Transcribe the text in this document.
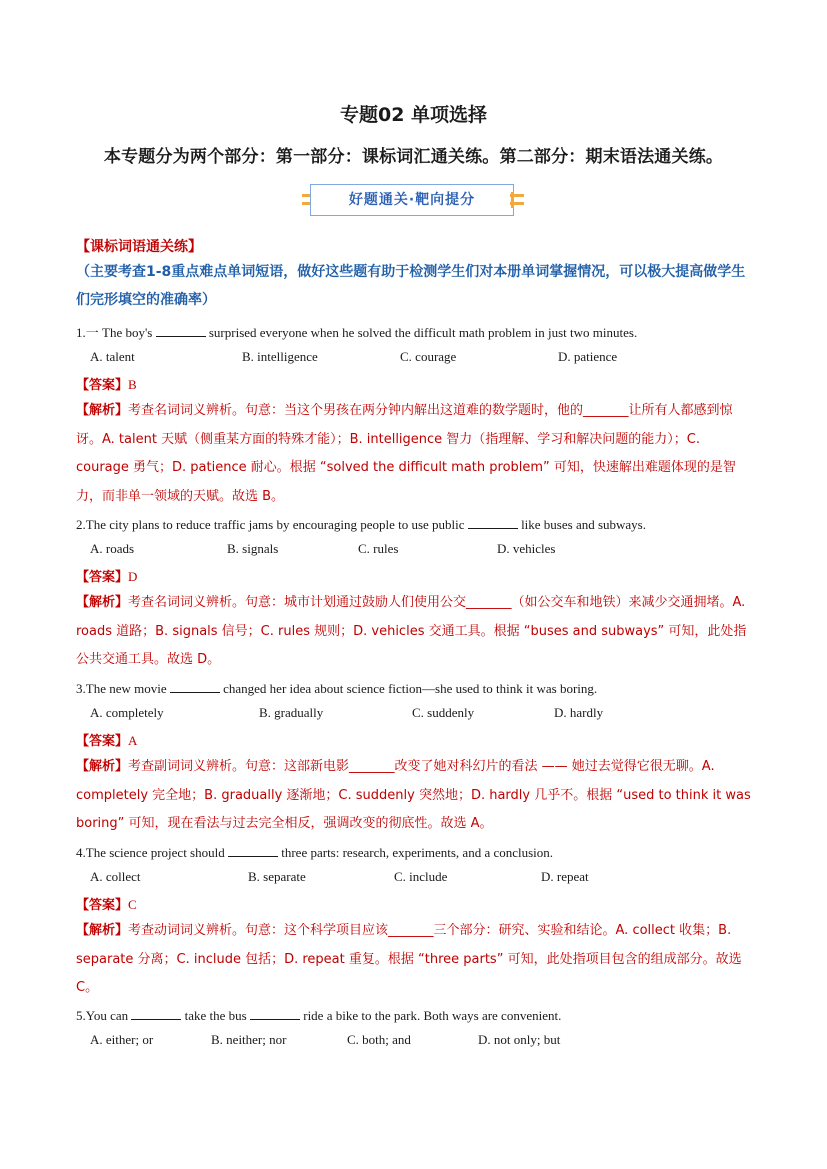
专题02 单项选择
本专题分为两个部分：第一部分：课标词汇通关练。第二部分：期末语法通关练。
好题通关·靶向提分
【课标词语通关练】
（主要考查1-8重点难点单词短语，做好这些题有助于检测学生们对本册单词掌握情况，可以极大提高做学生们完形填空的准确率）
1.一 The boy's	surprised everyone when he solved the difficult math problem in just two minutes.
A. talent	B. intelligence	C. courage	D. patience
【答案】B
【解析】考查名词词义辨析。句意：当这个男孩在两分钟内解出这道难的数学题时，他的_______让所有人都感到惊讶。A. talent 天赋（侧重某方面的特殊才能）；B. intelligence 智力（指理解、学习和解决问题的能力）；C. courage 勇气；D. patience 耐心。根据 “solved the difficult math problem” 可知，快速解出难题体现的是智力，而非单一领域的天赋。故选 B。
2.The city plans to reduce traffic jams by encouraging people to use public	like buses and subways.
A. roads	B. signals	C. rules	D. vehicles
【答案】D
【解析】考查名词词义辨析。句意：城市计划通过鼓励人们使用公交_______（如公交车和地铁）来减少交通拥堵。A. roads 道路；B. signals 信号；C. rules 规则；D. vehicles 交通工具。根据 “buses and subways” 可知，此处指公共交通工具。故选 D。
3.The new movie	changed her idea about science fiction—she used to think it was boring.
A. completely	B. gradually	C. suddenly	D. hardly
【答案】A
【解析】考查副词词义辨析。句意：这部新电影_______改变了她对科幻片的看法 —— 她过去觉得它很无聊。A. completely 完全地；B. gradually 逐渐地；C. suddenly 突然地；D. hardly 几乎不。根据 “used to think it was boring” 可知，现在看法与过去完全相反，强调改变的彻底性。故选 A。
4.The science project should	three parts: research, experiments, and a conclusion.
A. collect	B. separate	C. include	D. repeat
【答案】C
【解析】考查动词词义辨析。句意：这个科学项目应该_______三个部分：研究、实验和结论。A. collect 收集；B. separate 分离；C. include 包括；D. repeat 重复。根据 “three parts” 可知，此处指项目包含的组成部分。故选 C。
5.You can	take the bus	ride a bike to the park. Both ways are convenient.
A. either; or	B. neither; nor	C. both; and	D. not only; but
